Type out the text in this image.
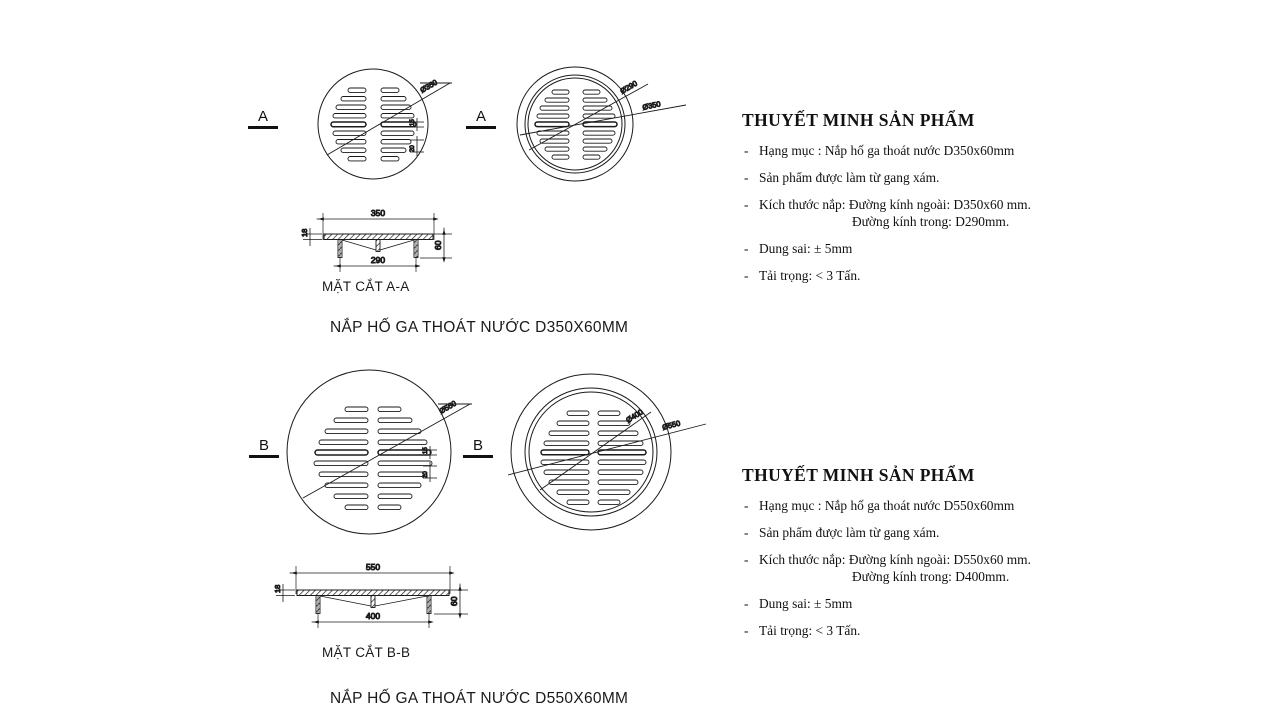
Ø350
15
20
Ø290
Ø350
350
18
60
290
Ø550
15
20
Ø400
Ø550
550
18
60
400
A	A
B	B
MẶT CẮT A-A
NẮP HỐ GA THOÁT NƯỚC D350X60MM
MẶT CẮT B-B
NẮP HỐ GA THOÁT NƯỚC D550X60MM
THUYẾT MINH SẢN PHẨM
- Hạng mục : Nắp hố ga thoát nước D350x60mm
- Sản phẩm được làm từ gang xám.
- Kích thước nắp: Đường kính ngoài: D350x60 mm.
Đường kính trong: D290mm.
- Dung sai: ± 5mm
- Tải trọng: < 3 Tấn.
THUYẾT MINH SẢN PHẨM
- Hạng mục : Nắp hố ga thoát nước D550x60mm
- Sản phẩm được làm từ gang xám.
- Kích thước nắp: Đường kính ngoài: D550x60 mm.
Đường kính trong: D400mm.
- Dung sai: ± 5mm
- Tải trọng: < 3 Tấn.
